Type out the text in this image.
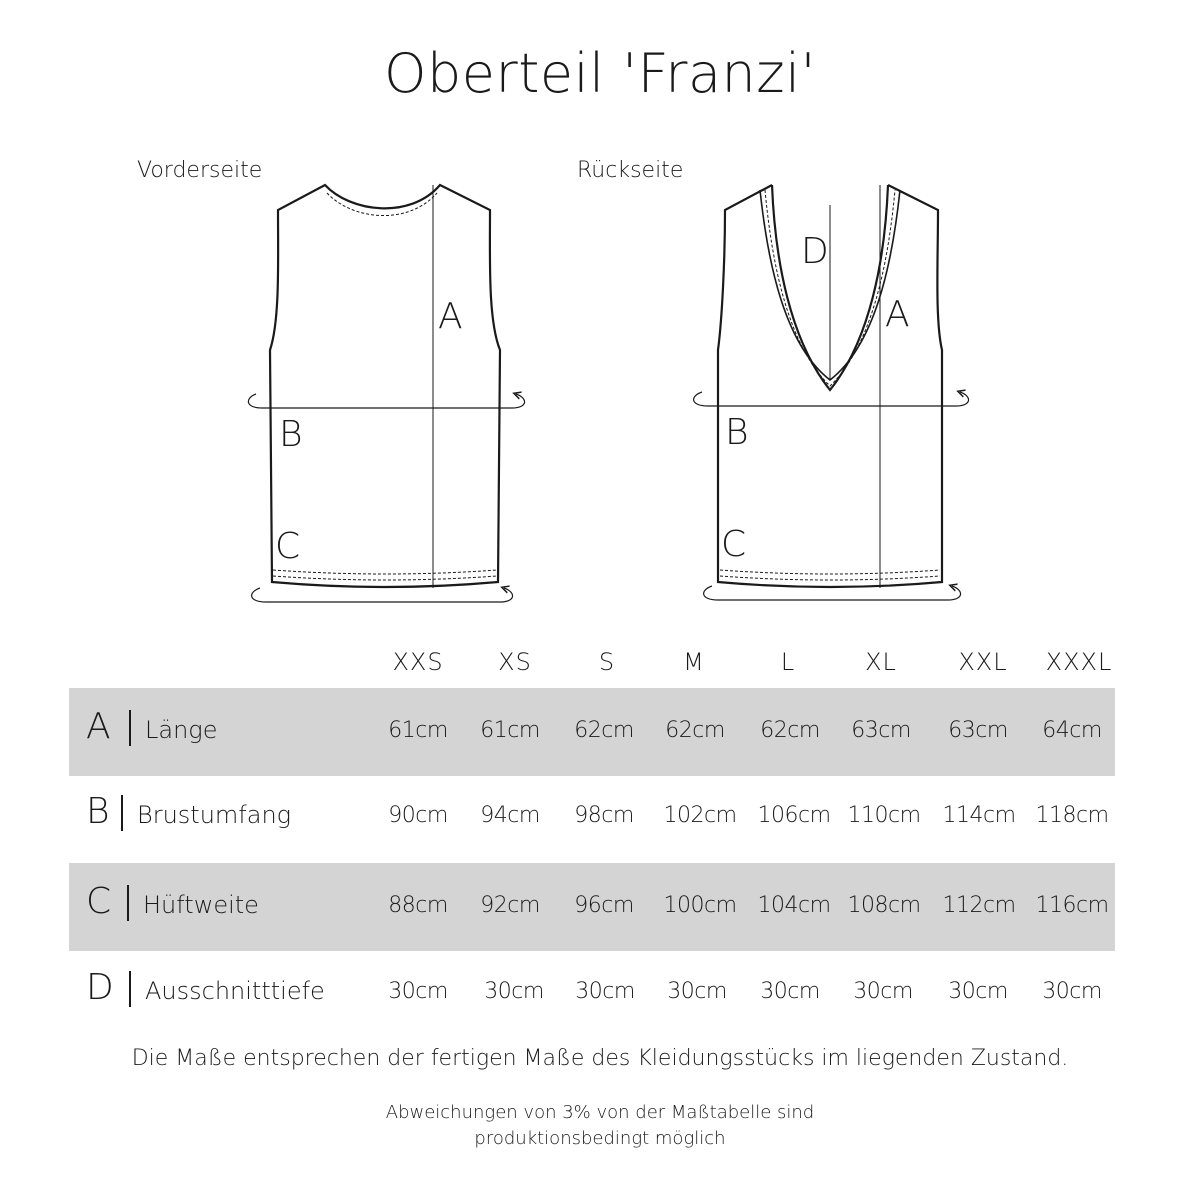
Oberteil 'Franzi'
Vorderseite	Rückseite
A
B
C
D
A
B
C
XXS	XS	S	M	L	XL	XXL	XXXL
A Länge	61cm	61cm	62cm	62cm	62cm	63cm	63cm	64cm
B Brustumfang	90cm	94cm	98cm	102cm 106cm 110cm 114cm 118cm
C Hüftweite	88cm	92cm	96cm	100cm 104cm 108cm 112cm 116cm
D Ausschnitttiefe	30cm	30cm	30cm	30cm	30cm	30cm	30cm	30cm
Die Maße entsprechen der fertigen Maße des Kleidungsstücks im liegenden Zustand.
Abweichungen von 3% von der Maßtabelle sind
produktionsbedingt möglich
